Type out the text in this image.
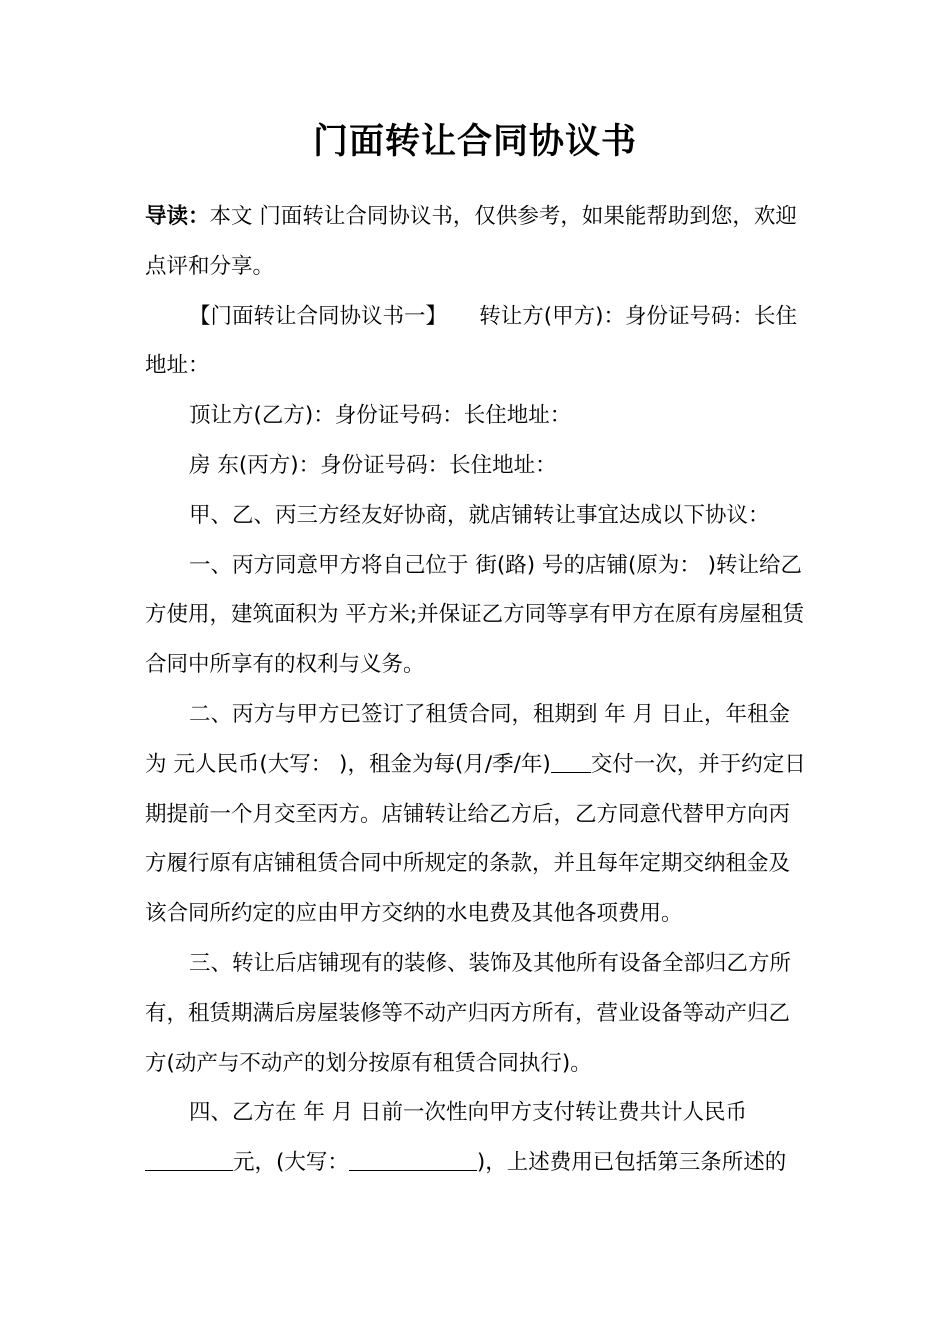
门面转让合同协议书

导读：本文 门面转让合同协议书，仅供参考，如果能帮助到您，欢迎点评和分享。

【门面转让合同协议书一】　　转让方(甲方)：身份证号码：长住地址：

顶让方(乙方)：身份证号码：长住地址：

房 东(丙方)：身份证号码：长住地址：

甲、乙、丙三方经友好协商，就店铺转让事宜达成以下协议：

一、丙方同意甲方将自己位于 街(路) 号的店铺(原为： )转让给乙方使用，建筑面积为 平方米;并保证乙方同等享有甲方在原有房屋租赁合同中所享有的权利与义务。

二、丙方与甲方已签订了租赁合同，租期到 年 月 日止，年租金为 元人民币(大写： )，租金为每(月/季/年) 交付一次，并于约定日期提前一个月交至丙方。店铺转让给乙方后，乙方同意代替甲方向丙方履行原有店铺租赁合同中所规定的条款，并且每年定期交纳租金及该合同所约定的应由甲方交纳的水电费及其他各项费用。

三、转让后店铺现有的装修、装饰及其他所有设备全部归乙方所有，租赁期满后房屋装修等不动产归丙方所有，营业设备等动产归乙方(动产与不动产的划分按原有租赁合同执行)。

四、乙方在 年 月 日前一次性向甲方支付转让费共计人民币元，(大写：	)，上述费用已包括第三条所述的
